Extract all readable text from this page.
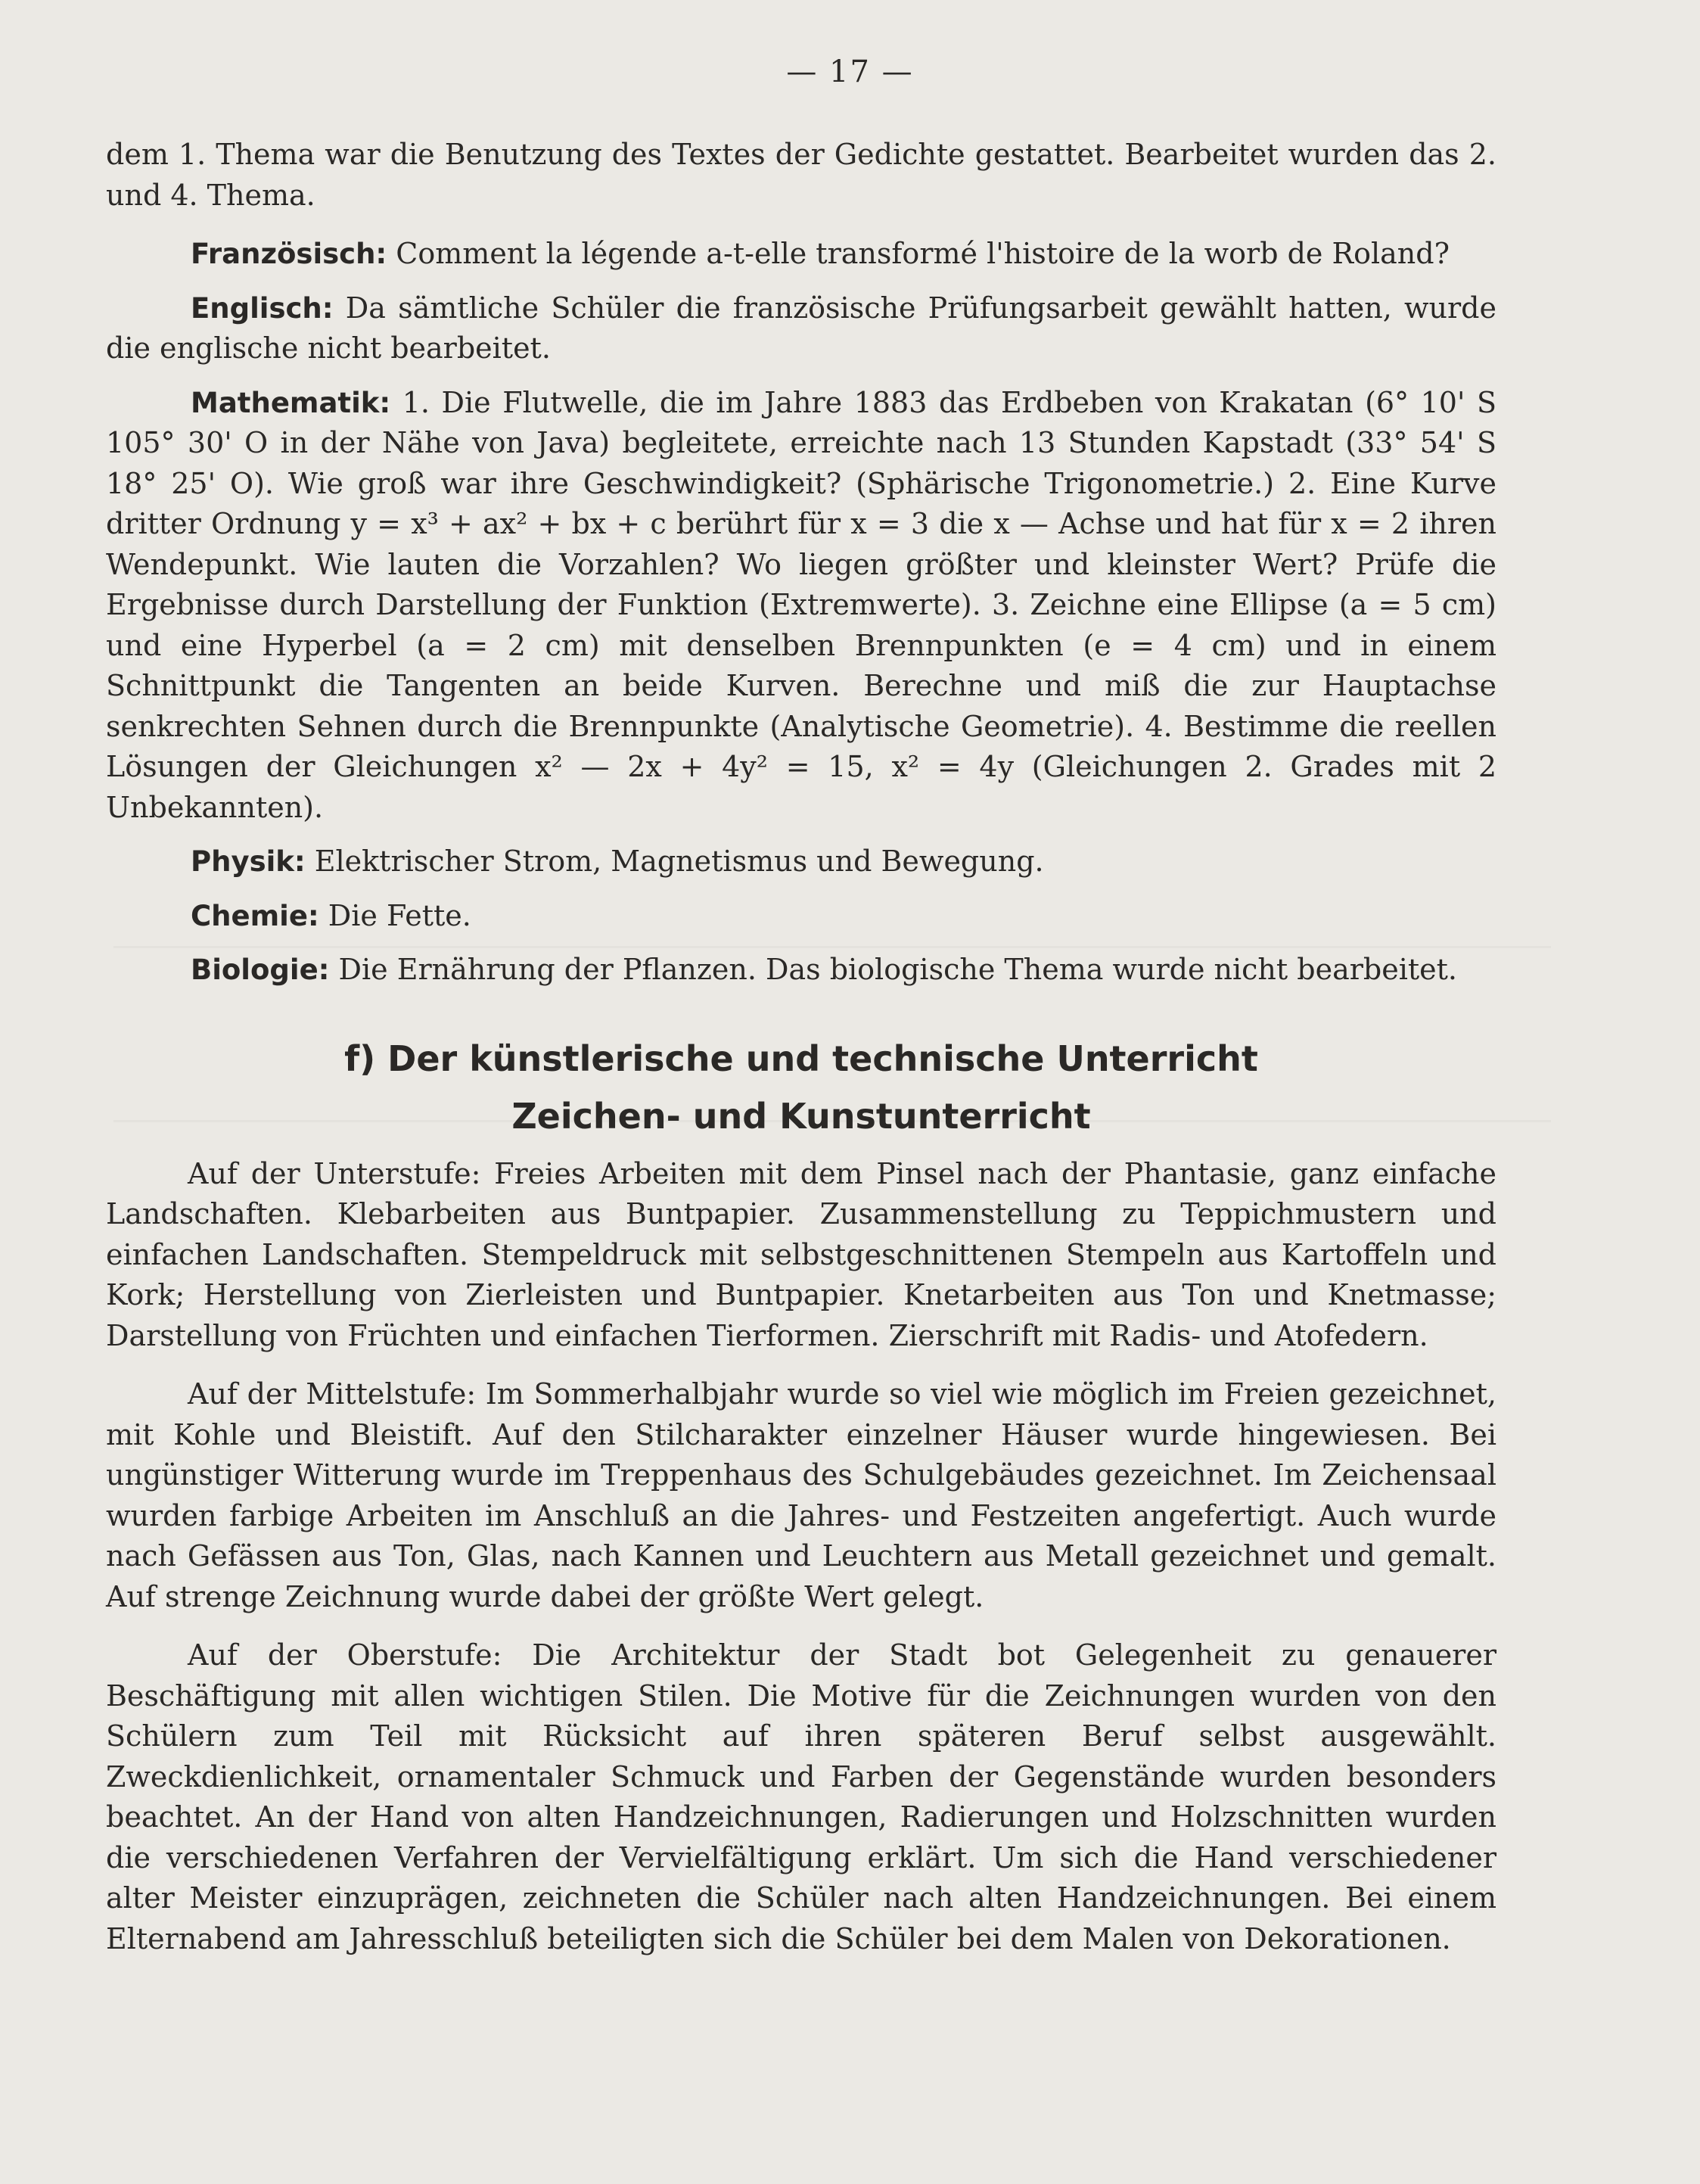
— 17 —

dem 1. Thema war die Benutzung des Textes der Gedichte gestattet. Bearbeitet wurden das 2. und 4. Thema.

Französisch: Comment la légende a-t-elle transformé l'histoire de la worb de Roland?

Englisch: Da sämtliche Schüler die französische Prüfungsarbeit gewählt hatten, wurde die englische nicht bearbeitet.

Mathematik: 1. Die Flutwelle, die im Jahre 1883 das Erdbeben von Krakatan (6° 10' S 105° 30' O in der Nähe von Java) begleitete, erreichte nach 13 Stunden Kapstadt (33° 54' S 18° 25' O). Wie groß war ihre Geschwindigkeit? (Sphärische Trigonometrie.) 2. Eine Kurve dritter Ordnung y = x³ + ax² + bx + c berührt für x = 3 die x — Achse und hat für x = 2 ihren Wendepunkt. Wie lauten die Vorzahlen? Wo liegen größter und kleinster Wert? Prüfe die Ergebnisse durch Darstellung der Funktion (Extremwerte). 3. Zeichne eine Ellipse (a = 5 cm) und eine Hyperbel (a = 2 cm) mit denselben Brennpunkten (e = 4 cm) und in einem Schnittpunkt die Tangenten an beide Kurven. Berechne und miß die zur Hauptachse senkrechten Sehnen durch die Brennpunkte (Analytische Geometrie). 4. Bestimme die reellen Lösungen der Gleichungen x² — 2x + 4y² = 15, x² = 4y (Gleichungen 2. Grades mit 2 Unbekannten).

Physik: Elektrischer Strom, Magnetismus und Bewegung.

Chemie: Die Fette.

Biologie: Die Ernährung der Pflanzen. Das biologische Thema wurde nicht bearbeitet.

f) Der künstlerische und technische Unterricht
Zeichen- und Kunstunterricht

Auf der Unterstufe: Freies Arbeiten mit dem Pinsel nach der Phantasie, ganz einfache Landschaften. Klebarbeiten aus Buntpapier. Zusammenstellung zu Teppichmustern und einfachen Landschaften. Stempeldruck mit selbstgeschnittenen Stempeln aus Kartoffeln und Kork; Herstellung von Zierleisten und Buntpapier. Knetarbeiten aus Ton und Knetmasse; Darstellung von Früchten und einfachen Tierformen. Zierschrift mit Radis- und Atofedern.

Auf der Mittelstufe: Im Sommerhalbjahr wurde so viel wie möglich im Freien gezeichnet, mit Kohle und Bleistift. Auf den Stilcharakter einzelner Häuser wurde hingewiesen. Bei ungünstiger Witterung wurde im Treppenhaus des Schulgebäudes gezeichnet. Im Zeichensaal wurden farbige Arbeiten im Anschluß an die Jahres- und Festzeiten angefertigt. Auch wurde nach Gefässen aus Ton, Glas, nach Kannen und Leuchtern aus Metall gezeichnet und gemalt. Auf strenge Zeichnung wurde dabei der größte Wert gelegt.

Auf der Oberstufe: Die Architektur der Stadt bot Gelegenheit zu genauerer Beschäftigung mit allen wichtigen Stilen. Die Motive für die Zeichnungen wurden von den Schülern zum Teil mit Rücksicht auf ihren späteren Beruf selbst ausgewählt. Zweckdienlichkeit, ornamentaler Schmuck und Farben der Gegenstände wurden besonders beachtet. An der Hand von alten Handzeichnungen, Radierungen und Holzschnitten wurden die verschiedenen Verfahren der Vervielfältigung erklärt. Um sich die Hand verschiedener alter Meister einzuprägen, zeichneten die Schüler nach alten Handzeichnungen. Bei einem Elternabend am Jahresschluß beteiligten sich die Schüler bei dem Malen von Dekorationen.
